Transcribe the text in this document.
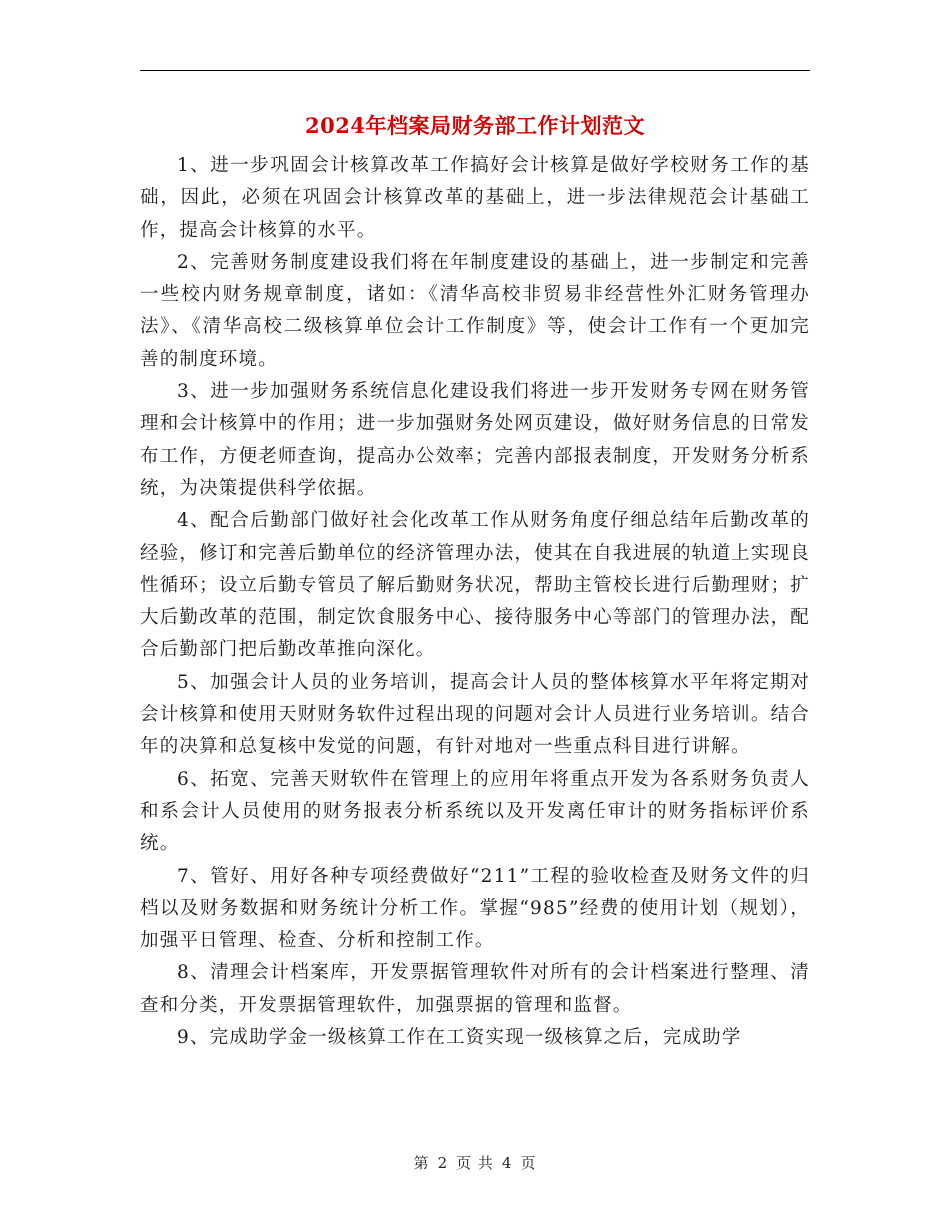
2024年档案局财务部工作计划范文

1、进一步巩固会计核算改革工作搞好会计核算是做好学校财务工作的基础，因此，必须在巩固会计核算改革的基础上，进一步法律规范会计基础工作，提高会计核算的水平。

2、完善财务制度建设我们将在年制度建设的基础上，进一步制定和完善一些校内财务规章制度，诸如：《清华高校非贸易非经营性外汇财务管理办法》、《清华高校二级核算单位会计工作制度》等，使会计工作有一个更加完善的制度环境。

3、进一步加强财务系统信息化建设我们将进一步开发财务专网在财务管理和会计核算中的作用；进一步加强财务处网页建设，做好财务信息的日常发布工作，方便老师查询，提高办公效率；完善内部报表制度，开发财务分析系统，为决策提供科学依据。

4、配合后勤部门做好社会化改革工作从财务角度仔细总结年后勤改革的经验，修订和完善后勤单位的经济管理办法，使其在自我进展的轨道上实现良性循环；设立后勤专管员了解后勤财务状况，帮助主管校长进行后勤理财；扩大后勤改革的范围，制定饮食服务中心、接待服务中心等部门的管理办法，配合后勤部门把后勤改革推向深化。

5、加强会计人员的业务培训，提高会计人员的整体核算水平年将定期对会计核算和使用天财财务软件过程出现的问题对会计人员进行业务培训。结合年的决算和总复核中发觉的问题，有针对地对一些重点科目进行讲解。

6、拓宽、完善天财软件在管理上的应用年将重点开发为各系财务负责人和系会计人员使用的财务报表分析系统以及开发离任审计的财务指标评价系统。

7、管好、用好各种专项经费做好“211”工程的验收检查及财务文件的归档以及财务数据和财务统计分析工作。掌握“985”经费的使用计划（规划），加强平日管理、检查、分析和控制工作。

8、清理会计档案库，开发票据管理软件对所有的会计档案进行整理、清查和分类，开发票据管理软件，加强票据的管理和监督。

9、完成助学金一级核算工作在工资实现一级核算之后，完成助学

第 2 页 共 4 页
